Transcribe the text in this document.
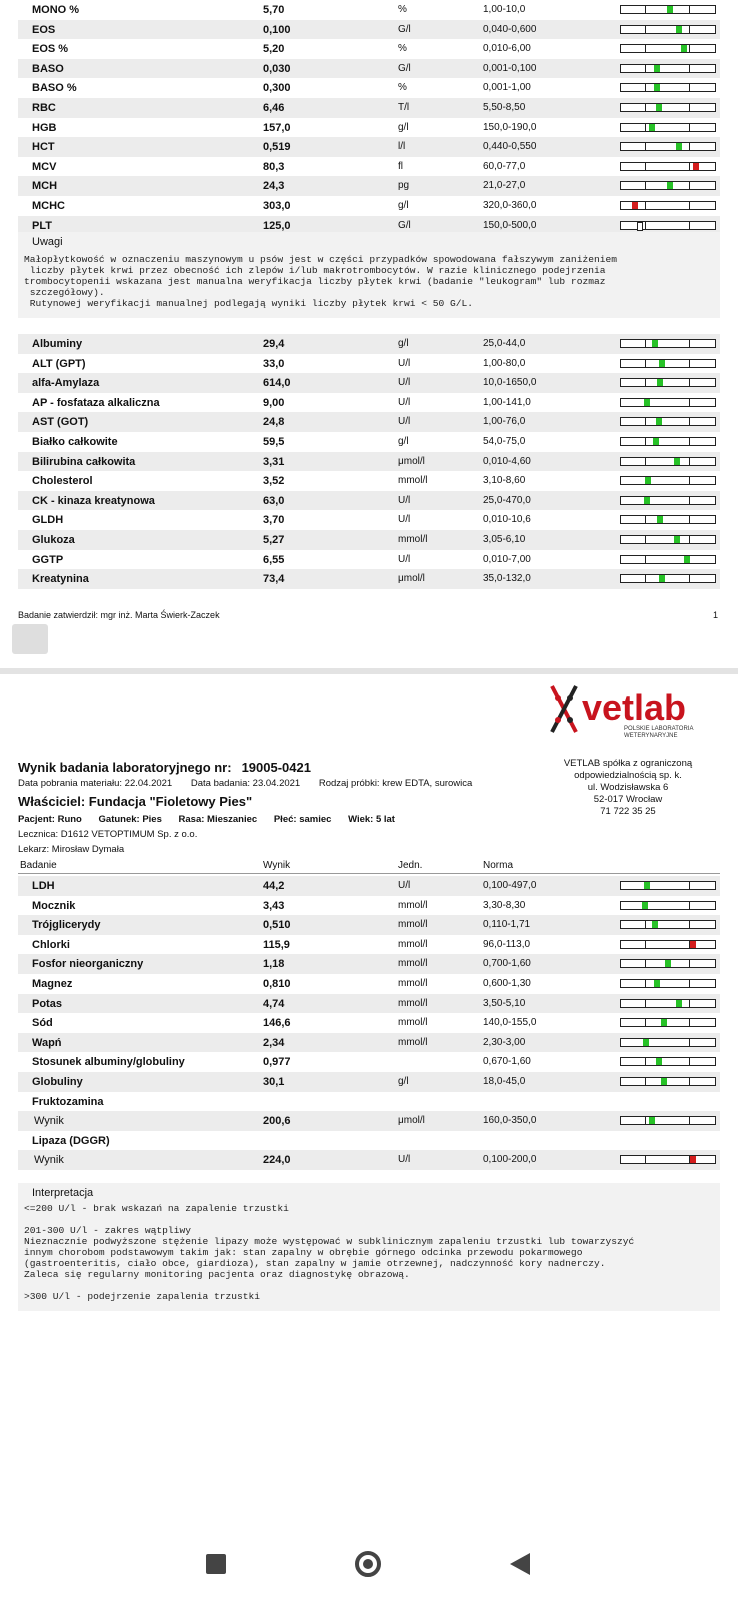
MONO %	5,70	%	1,00-10,0
EOS	0,100	G/l	0,040-0,600
EOS %	5,20	%	0,010-6,00
BASO	0,030	G/l	0,001-0,100
BASO %	0,300	%	0,001-1,00
RBC	6,46	T/l	5,50-8,50
HGB	157,0	g/l	150,0-190,0
HCT	0,519	l/l	0,440-0,550
MCV	80,3	fl	60,0-77,0
MCH	24,3	pg	21,0-27,0
MCHC	303,0	g/l	320,0-360,0
PLT	125,0	G/l	150,0-500,0
Uwagi
Małopłytkowość w oznaczeniu maszynowym u psów jest w części przypadków spowodowana fałszywym zaniżeniem
liczby płytek krwi przez obecność ich zlepów i/lub makrotrombocytów. W razie klinicznego podejrzenia
trombocytopenii wskazana jest manualna weryfikacja liczby płytek krwi (badanie "leukogram" lub rozmaz
szczegółowy).
Rutynowej weryfikacji manualnej podlegają wyniki liczby płytek krwi < 50 G/L.
Albuminy	29,4	g/l	25,0-44,0
ALT (GPT)	33,0	U/l	1,00-80,0
alfa-Amylaza	614,0	U/l	10,0-1650,0
AP - fosfataza alkaliczna	9,00	U/l	1,00-141,0
AST (GOT)	24,8	U/l	1,00-76,0
Białko całkowite	59,5	g/l	54,0-75,0
Bilirubina całkowita	3,31	μmol/l	0,010-4,60
Cholesterol	3,52	mmol/l	3,10-8,60
CK - kinaza kreatynowa	63,0	U/l	25,0-470,0
GLDH	3,70	U/l	0,010-10,6
Glukoza	5,27	mmol/l	3,05-6,10
GGTP	6,55	U/l	0,010-7,00
Kreatynina	73,4	μmol/l	35,0-132,0
Badanie zatwierdził: mgr inż. Marta Świerk-Zaczek	1
vetlab
POLSKIE LABORATORIA
WETERYNARYJNE
Wynik badania laboratoryjnego nr: 19005-0421
Data pobrania materiału: 22.04.2021 Data badania: 23.04.2021 Rodzaj próbki: krew EDTA, surowica
Właściciel: Fundacja "Fioletowy Pies"
Pacjent: Runo Gatunek: Pies Rasa: Mieszaniec Płeć: samiec Wiek: 5 lat
Lecznica: D1612 VETOPTIMUM Sp. z o.o.
Lekarz: Mirosław Dymała
VETLAB spółka z ograniczoną
odpowiedzialnością sp. k.
ul. Wodzisławska 6
52-017 Wrocław
71 722 35 25
Badanie	Wynik	Jedn.	Norma
LDH	44,2	U/l	0,100-497,0
Mocznik	3,43	mmol/l	3,30-8,30
Trójglicerydy	0,510	mmol/l	0,110-1,71
Chlorki	115,9	mmol/l	96,0-113,0
Fosfor nieorganiczny	1,18	mmol/l	0,700-1,60
Magnez	0,810	mmol/l	0,600-1,30
Potas	4,74	mmol/l	3,50-5,10
Sód	146,6	mmol/l	140,0-155,0
Wapń	2,34	mmol/l	2,30-3,00
Stosunek albuminy/globuliny	0,977	0,670-1,60
Globuliny	30,1	g/l	18,0-45,0
Fruktozamina
Wynik	200,6	μmol/l	160,0-350,0
Lipaza (DGGR)
Wynik	224,0	U/l	0,100-200,0
Interpretacja
<=200 U/l - brak wskazań na zapalenie trzustki
201-300 U/l - zakres wątpliwy
Nieznacznie podwyższone stężenie lipazy może występować w subklinicznym zapaleniu trzustki lub towarzyszyć
innym chorobom podstawowym takim jak: stan zapalny w obrębie górnego odcinka przewodu pokarmowego
(gastroenteritis, ciało obce, giardioza), stan zapalny w jamie otrzewnej, nadczynność kory nadnerczy.
Zaleca się regularny monitoring pacjenta oraz diagnostykę obrazową.
>300 U/l - podejrzenie zapalenia trzustki
